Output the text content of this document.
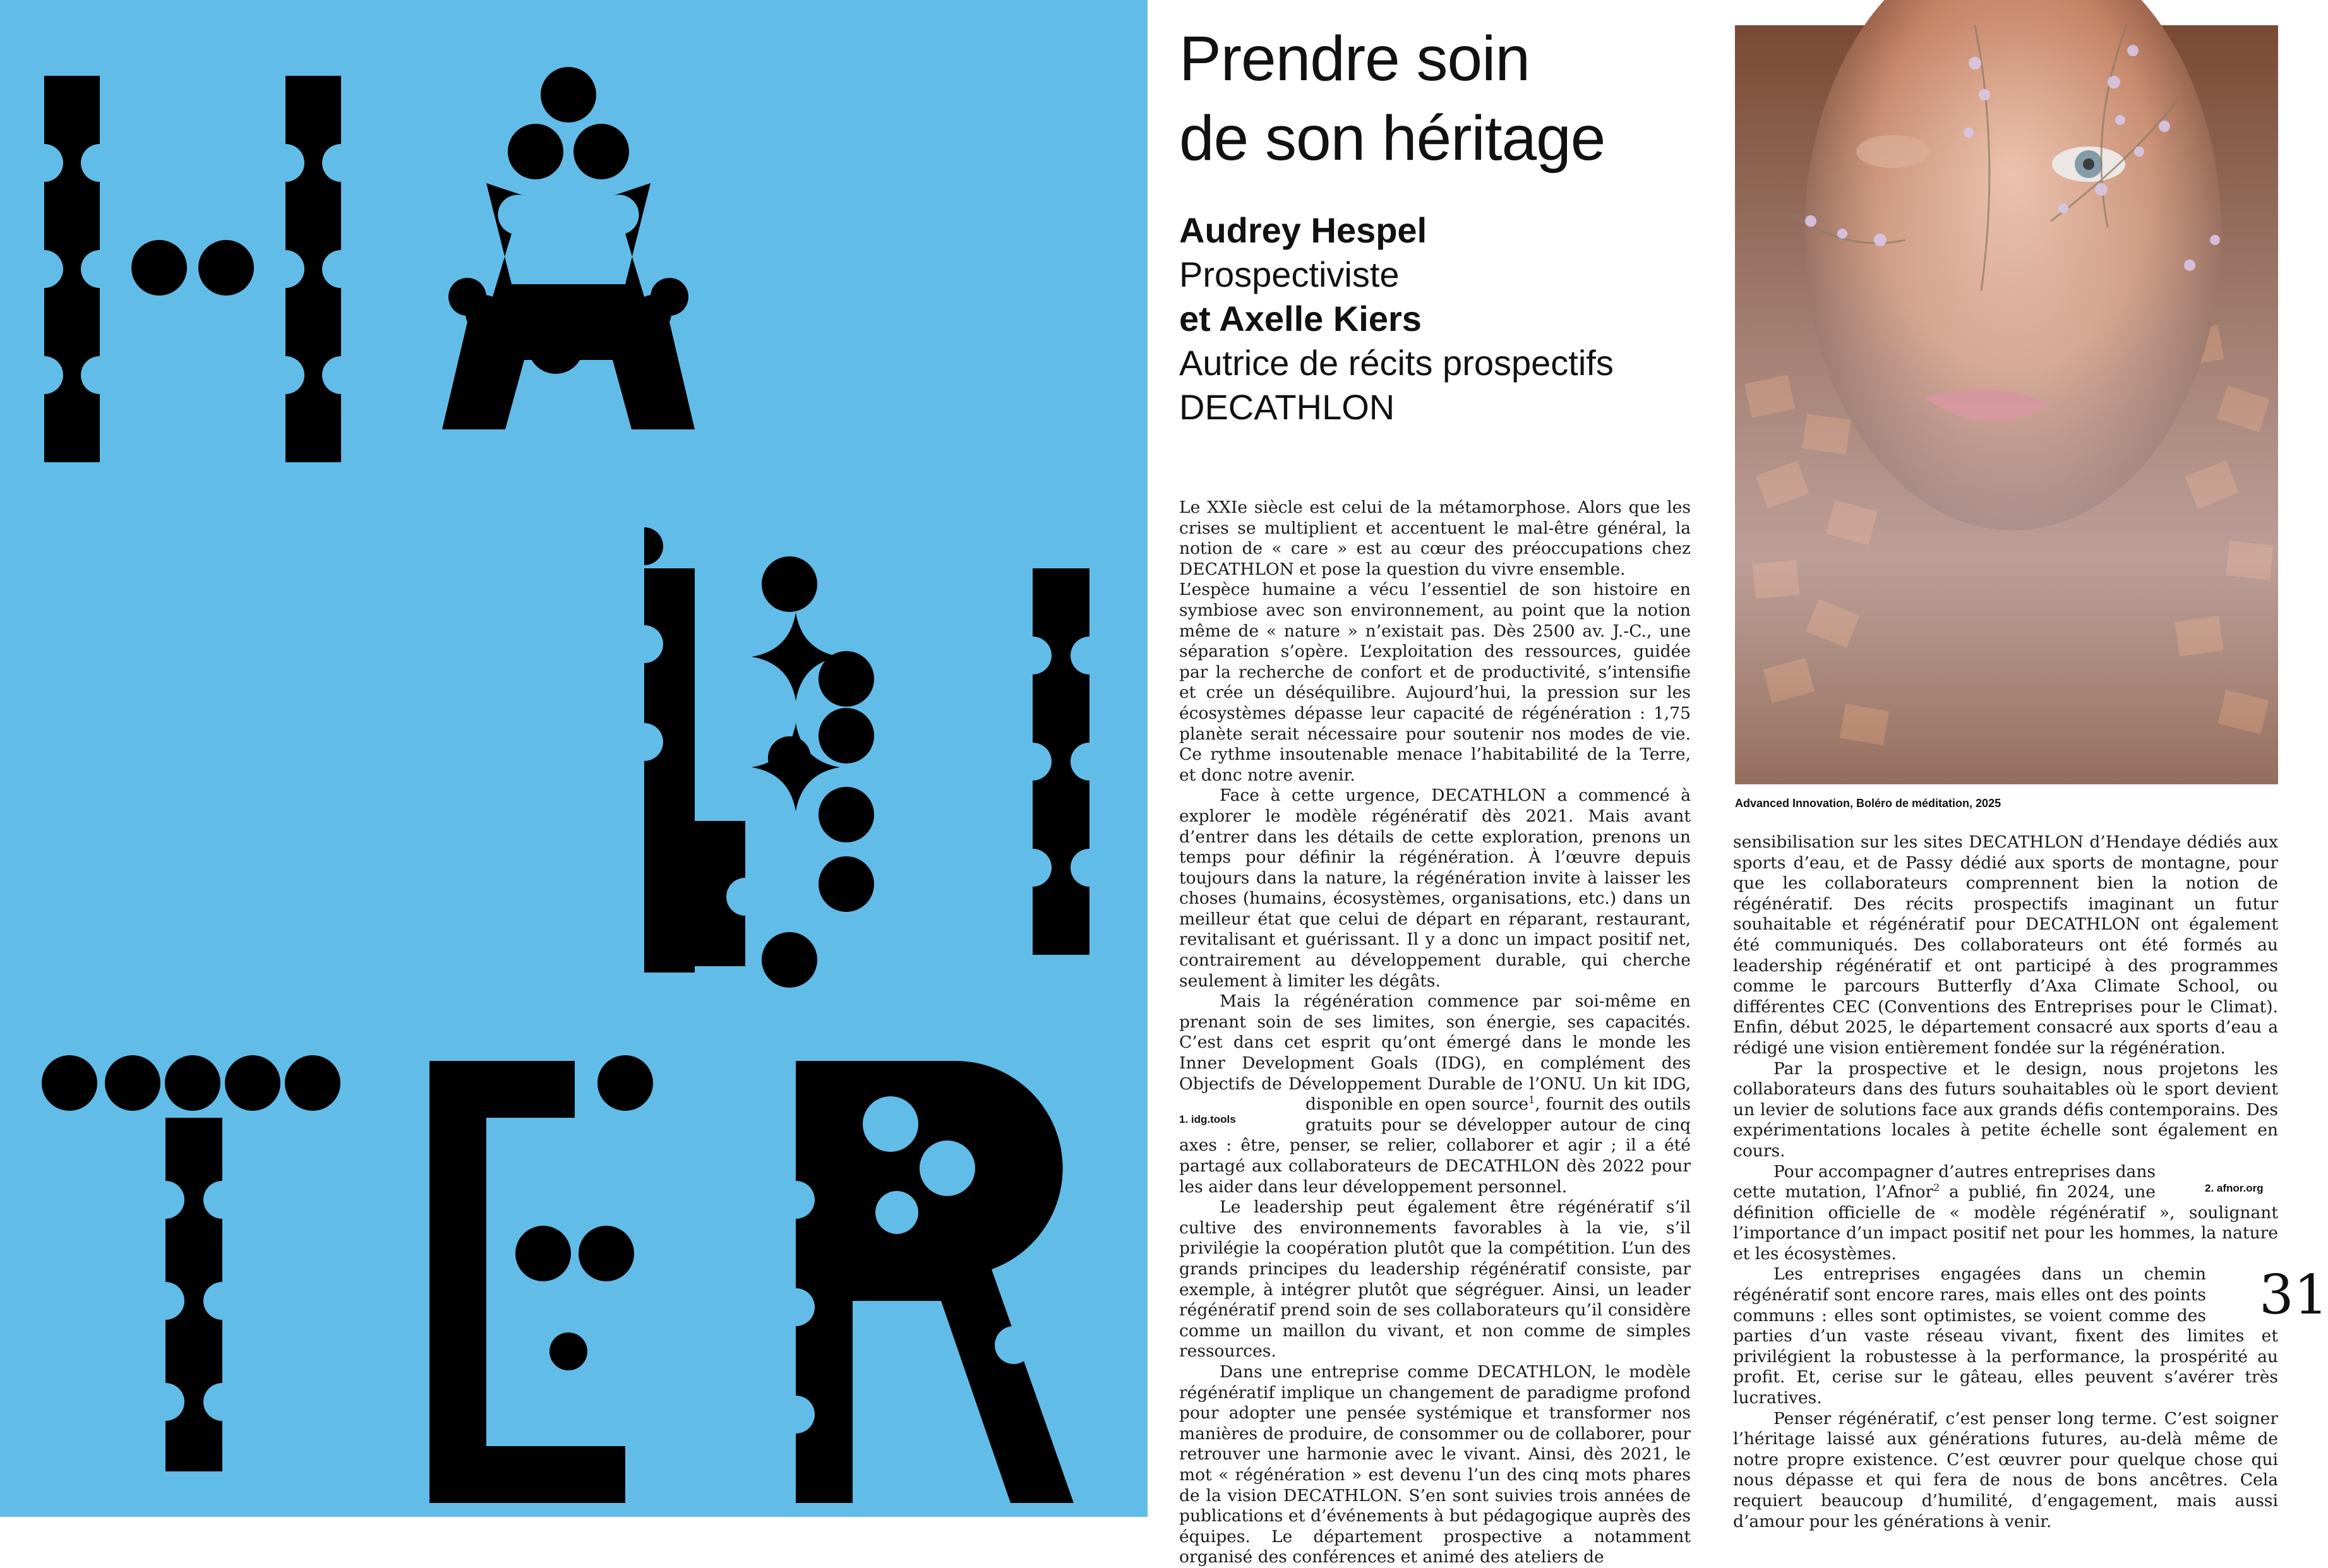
Prendre soin
de son héritage
Audrey Hespel
Prospectiviste
et Axelle Kiers
Autrice de récits prospectifs
DECATHLON
Advanced Innovation, Boléro de méditation, 2025

Le XXIe siècle est celui de la métamorphose. Alors que les crises se multiplient et accentuent le mal-être général, la notion de « care » est au cœur des préoccupations chez DECATHLON et pose la question du vivre ensemble.

L’espèce humaine a vécu l’essentiel de son histoire en symbiose avec son environnement, au point que la notion même de « nature » n’existait pas. Dès 2500 av. J.-C., une séparation s’opère. L’exploitation des ressources, guidée par la recherche de confort et de productivité, s’intensifie et crée un déséquilibre. Aujourd’hui, la pression sur les écosystèmes dépasse leur capacité de régénération : 1,75 planète serait nécessaire pour soutenir nos modes de vie. Ce rythme insoutenable menace l’habitabilité de la Terre, et donc notre avenir.

Face à cette urgence, DECATHLON a commencé à explorer le modèle régénératif dès 2021. Mais avant d’entrer dans les détails de cette exploration, prenons un temps pour définir la régénération. À l’œuvre depuis toujours dans la nature, la régénération invite à laisser les choses (humains, écosystèmes, organisations, etc.) dans un meilleur état que celui de départ en réparant, restaurant, revitalisant et guérissant. Il y a donc un impact positif net, contrairement au développement durable, qui cherche seulement à limiter les dégâts.

Mais la régénération commence par soi-même en prenant soin de ses limites, son énergie, ses capacités. C’est dans cet esprit qu’ont émergé dans le monde les Inner Development Goals (IDG), en complément des Objectifs de Développement Durable de l’ONU. Un kit IDG, disponible en open source$^1$
1. idg.tools
, fournit des outils gratuits pour se développer autour de cinq axes : être, penser, se relier, collaborer et agir ; il a été partagé aux collaborateurs de DECATHLON dès 2022 pour les aider dans leur développement personnel.

Le leadership peut également être régénératif s’il cultive des environnements favorables à la vie, s’il privilégie la coopération plutôt que la compétition. L’un des grands principes du leadership régénératif consiste, par exemple, à intégrer plutôt que ségréguer. Ainsi, un leader régénératif prend soin de ses collaborateurs qu’il considère comme un maillon du vivant, et non comme de simples ressources.

Dans une entreprise comme DECATHLON, le modèle régénératif implique un changement de paradigme profond pour adopter une pensée systémique et transformer nos manières de produire, de consommer ou de collaborer, pour retrouver une harmonie avec le vivant. Ainsi, dès 2021, le mot « régénération » est devenu l’un des cinq mots phares de la vision DECATHLON. S’en sont suivies trois années de publications et d’événements à but pédagogique auprès des équipes. Le département prospective a notamment organisé des conférences et animé des ateliers de

sensibilisation sur les sites DECATHLON d’Hendaye dédiés aux sports d’eau, et de Passy dédié aux sports de montagne, pour que les collaborateurs comprennent bien la notion de régénératif. Des récits prospectifs imaginant un futur souhaitable et régénératif pour DECATHLON ont également été communiqués. Des collaborateurs ont été formés au leadership régénératif et ont participé à des programmes comme le parcours Butterfly d’Axa Climate School, ou différentes CEC (Conventions des Entreprises pour le Climat). Enfin, début 2025, le département consacré aux sports d’eau a rédigé une vision entièrement fondée sur la régénération.

Par la prospective et le design, nous projetons les collaborateurs dans des futurs souhaitables où le sport devient un levier de solutions face aux grands défis contemporains. Des expérimentations locales à petite échelle sont également en cours.

2. afnor.org
Pour accompagner d’autres entreprises dans cette mutation, l’Afnor$^2$ a publié, fin 2024, une définition officielle de « modèle régénératif », soulignant l’importance d’un impact positif net pour les hommes, la nature et les écosystèmes.

31
Les entreprises engagées dans un chemin régénératif sont encore rares, mais elles ont des points communs : elles sont optimistes, se voient comme des parties d’un vaste réseau vivant, fixent des limites et privilégient la robustesse à la performance, la prospérité au profit. Et, cerise sur le gâteau, elles peuvent s’avérer très lucratives.

Penser régénératif, c’est penser long terme. C’est soigner l’héritage laissé aux générations futures, au-delà même de notre propre existence. C’est œuvrer pour quelque chose qui nous dépasse et qui fera de nous de bons ancêtres. Cela requiert beaucoup d’humilité, d’engagement, mais aussi d’amour pour les générations à venir.
